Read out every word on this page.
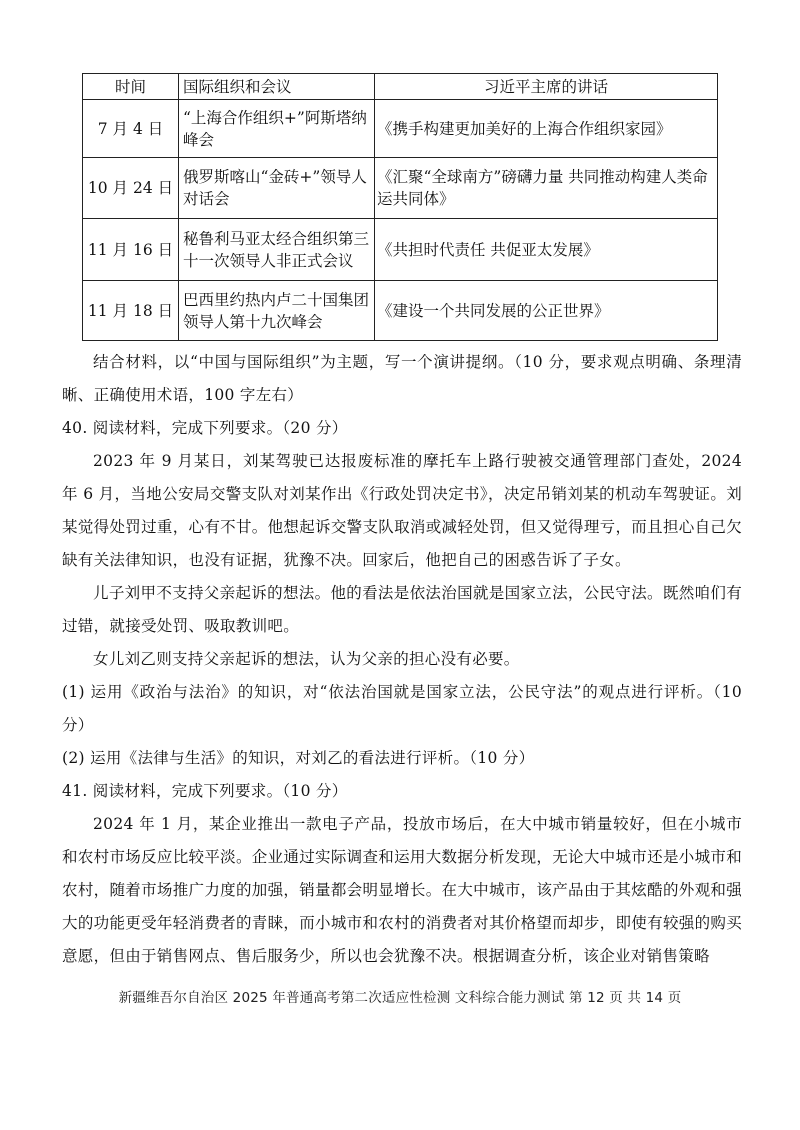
时间	国际组织和会议	习近平主席的讲话
7 月 4 日	“上海合作组织+”阿斯塔纳峰会	《携手构建更加美好的上海合作组织家园》
10 月 24 日	俄罗斯喀山“金砖+”领导人对话会	《汇聚“全球南方”磅礴力量 共同推动构建人类命运共同体》
11 月 16 日	秘鲁利马亚太经合组织第三十一次领导人非正式会议	《共担时代责任 共促亚太发展》
11 月 18 日	巴西里约热内卢二十国集团领导人第十九次峰会	《建设一个共同发展的公正世界》

结合材料，以“中国与国际组织”为主题，写一个演讲提纲。（10 分，要求观点明确、条理清晰、正确使用术语，100 字左右）

40. 阅读材料，完成下列要求。（20 分）

2023 年 9 月某日，刘某驾驶已达报废标准的摩托车上路行驶被交通管理部门查处，2024 年 6 月，当地公安局交警支队对刘某作出《行政处罚决定书》，决定吊销刘某的机动车驾驶证。刘某觉得处罚过重，心有不甘。他想起诉交警支队取消或减轻处罚，但又觉得理亏，而且担心自己欠缺有关法律知识，也没有证据，犹豫不决。回家后，他把自己的困惑告诉了子女。

儿子刘甲不支持父亲起诉的想法。他的看法是依法治国就是国家立法，公民守法。既然咱们有过错，就接受处罚、吸取教训吧。

女儿刘乙则支持父亲起诉的想法，认为父亲的担心没有必要。

(1) 运用《政治与法治》的知识，对“依法治国就是国家立法，公民守法”的观点进行评析。（10 分）

(2) 运用《法律与生活》的知识，对刘乙的看法进行评析。（10 分）

41. 阅读材料，完成下列要求。（10 分）

2024 年 1 月，某企业推出一款电子产品，投放市场后，在大中城市销量较好，但在小城市和农村市场反应比较平淡。企业通过实际调查和运用大数据分析发现，无论大中城市还是小城市和农村，随着市场推广力度的加强，销量都会明显增长。在大中城市，该产品由于其炫酷的外观和强大的功能更受年轻消费者的青睐，而小城市和农村的消费者对其价格望而却步，即使有较强的购买意愿，但由于销售网点、售后服务少，所以也会犹豫不决。根据调查分析，该企业对销售策略

新疆维吾尔自治区 2025 年普通高考第二次适应性检测 文科综合能力测试 第 12 页 共 14 页
